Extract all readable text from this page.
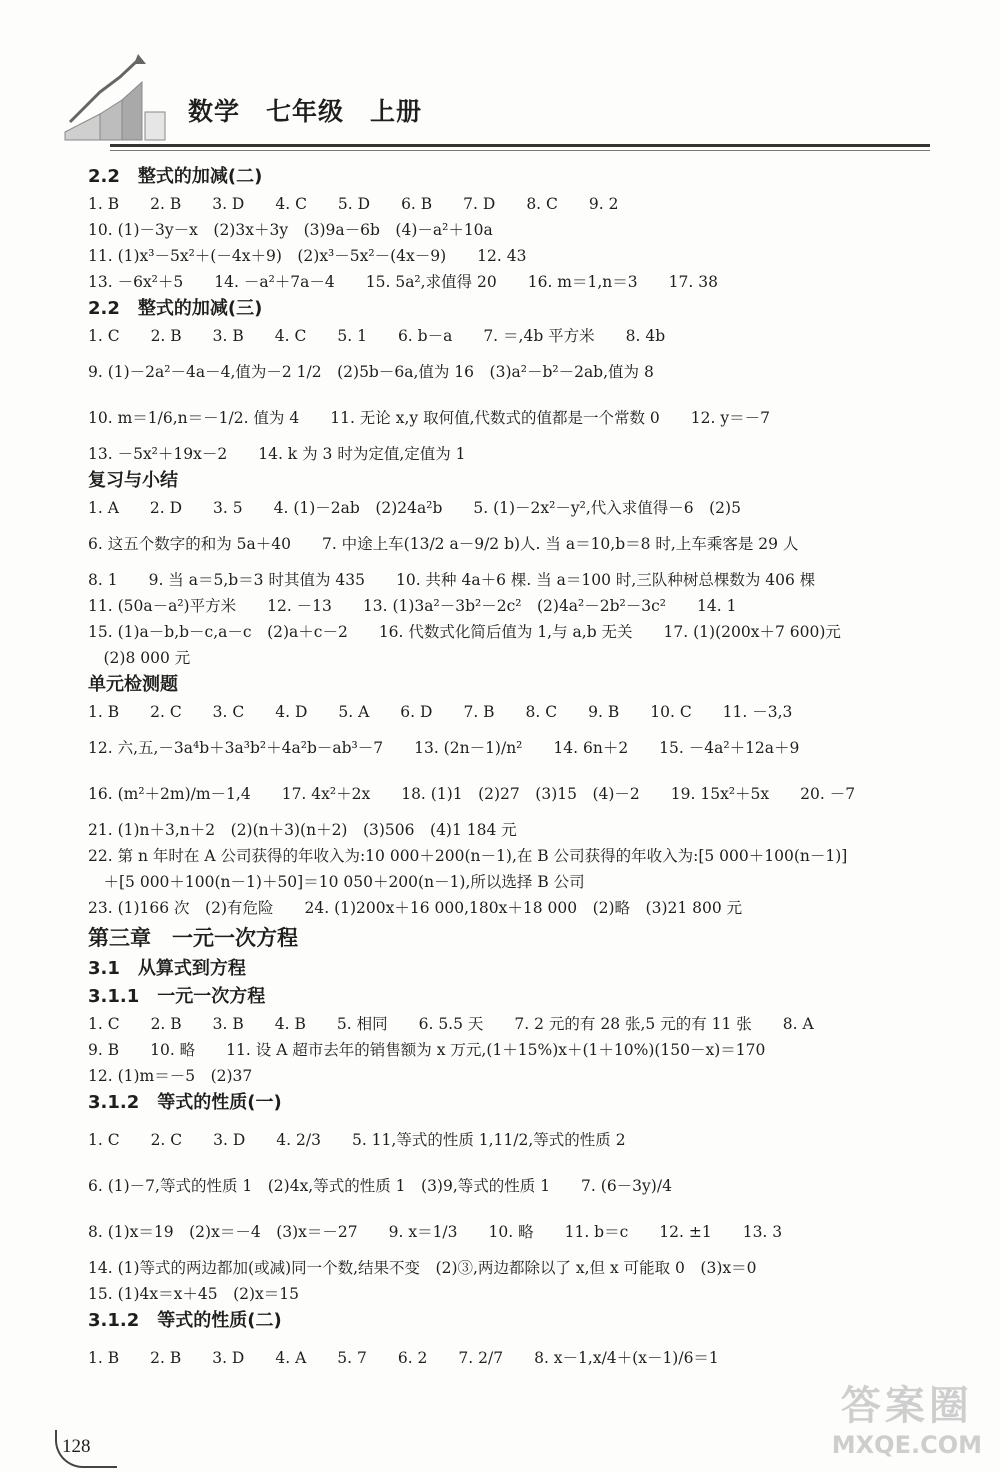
数学　七年级　上册
2.2　整式的加减(二)
1. B　　2. B　　3. D　　4. C　　5. D　　6. B　　7. D　　8. C　　9. 2
10. (1)－3y－x　(2)3x＋3y　(3)9a－6b　(4)－a²＋10a
11. (1)x³－5x²＋(－4x＋9)　(2)x³－5x²－(4x－9)　　12. 43
13. －6x²＋5　　14. －a²＋7a－4　　15. 5a²,求值得 20　　16. m＝1,n＝3　　17. 38
2.2　整式的加减(三)
1. C　　2. B　　3. B　　4. C　　5. 1　　6. b－a　　7. ＝,4b 平方米　　8. 4b
9. (1)－2a²－4a－4,值为－2 1/2　(2)5b－6a,值为 16　(3)a²－b²－2ab,值为 8
10. m＝1/6,n＝－1/2. 值为 4　　11. 无论 x,y 取何值,代数式的值都是一个常数 0　　12. y＝－7
13. －5x²＋19x－2　　14. k 为 3 时为定值,定值为 1
复习与小结
1. A　　2. D　　3. 5　　4. (1)－2ab　(2)24a²b　　5. (1)－2x²－y²,代入求值得－6　(2)5
6. 这五个数字的和为 5a＋40　　7. 中途上车(13/2 a－9/2 b)人. 当 a＝10,b＝8 时,上车乘客是 29 人
8. 1　　9. 当 a＝5,b＝3 时其值为 435　　10. 共种 4a＋6 棵. 当 a＝100 时,三队种树总棵数为 406 棵
11. (50a－a²)平方米　　12. －13　　13. (1)3a²－3b²－2c²　(2)4a²－2b²－3c²　　14. 1
15. (1)a－b,b－c,a－c　(2)a＋c－2　　16. 代数式化简后值为 1,与 a,b 无关　　17. (1)(200x＋7 600)元
　(2)8 000 元
单元检测题
1. B　　2. C　　3. C　　4. D　　5. A　　6. D　　7. B　　8. C　　9. B　　10. C　　11. －3,3
12. 六,五,－3a⁴b＋3a³b²＋4a²b－ab³－7　　13. (2n－1)/n²　　14. 6n＋2　　15. －4a²＋12a＋9
16. (m²＋2m)/m－1,4　　17. 4x²＋2x　　18. (1)1　(2)27　(3)15　(4)－2　　19. 15x²＋5x　　20. －7
21. (1)n＋3,n＋2　(2)(n＋3)(n＋2)　(3)506　(4)1 184 元
22. 第 n 年时在 A 公司获得的年收入为:10 000＋200(n－1),在 B 公司获得的年收入为:[5 000＋100(n－1)]
　＋[5 000＋100(n－1)＋50]＝10 050＋200(n－1),所以选择 B 公司
23. (1)166 次　(2)有危险　　24. (1)200x＋16 000,180x＋18 000　(2)略　(3)21 800 元
第三章　一元一次方程
3.1　从算式到方程
3.1.1　一元一次方程
1. C　　2. B　　3. B　　4. B　　5. 相同　　6. 5.5 天　　7. 2 元的有 28 张,5 元的有 11 张　　8. A
9. B　　10. 略　　11. 设 A 超市去年的销售额为 x 万元,(1＋15%)x＋(1＋10%)(150－x)＝170
12. (1)m＝－5　(2)37
3.1.2　等式的性质(一)
1. C　　2. C　　3. D　　4. 2/3　　5. 11,等式的性质 1,11/2,等式的性质 2
6. (1)－7,等式的性质 1　(2)4x,等式的性质 1　(3)9,等式的性质 1　　7. (6－3y)/4
8. (1)x＝19　(2)x＝－4　(3)x＝－27　　9. x＝1/3　　10. 略　　11. b＝c　　12. ±1　　13. 3
14. (1)等式的两边都加(或减)同一个数,结果不变　(2)③,两边都除以了 x,但 x 可能取 0　(3)x＝0
15. (1)4x＝x＋45　(2)x＝15
3.1.2　等式的性质(二)
1. B　　2. B　　3. D　　4. A　　5. 7　　6. 2　　7. 2/7　　8. x－1,x/4＋(x－1)/6＝1
128
答案圈
MXQE.COM
